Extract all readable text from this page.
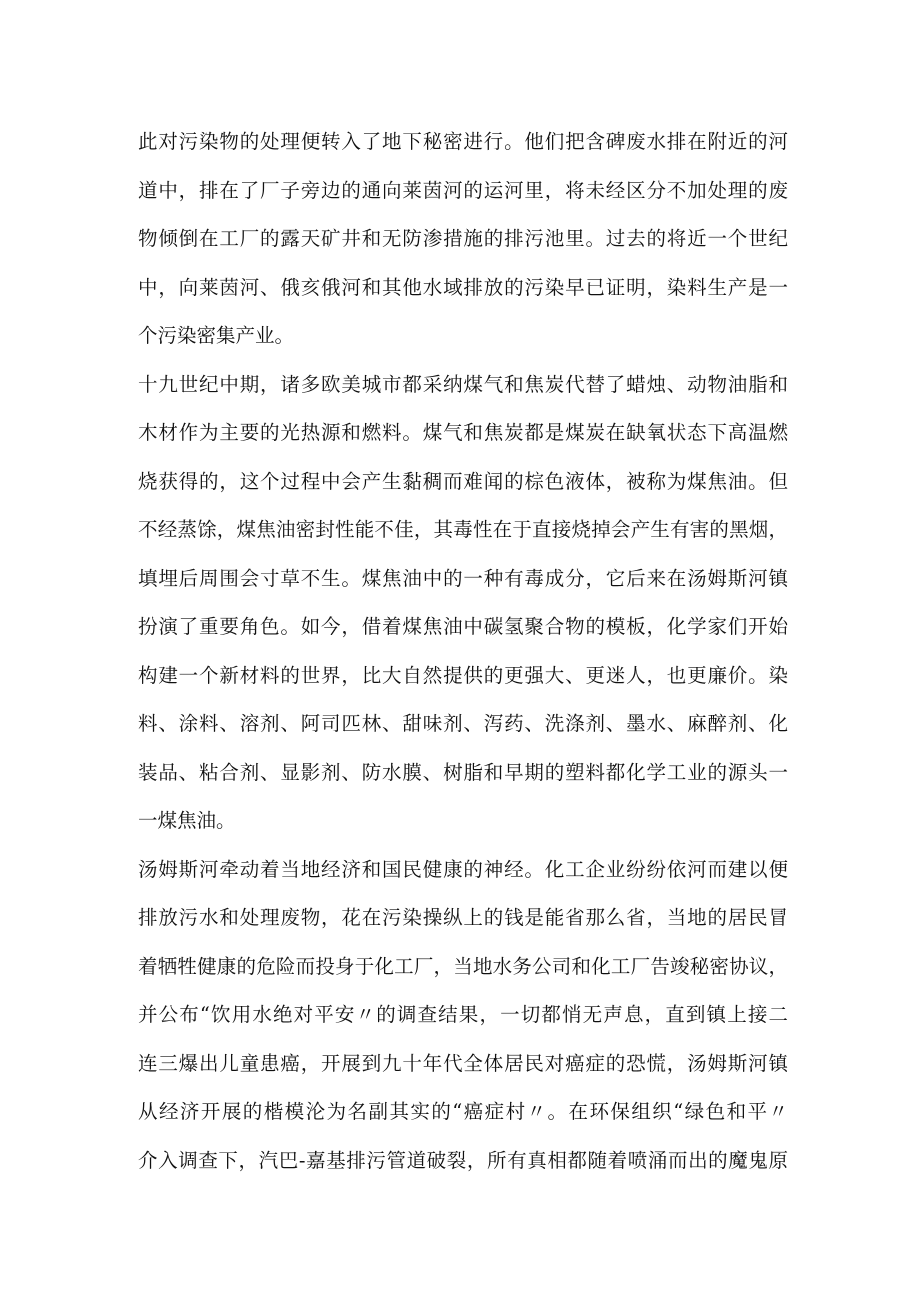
此对污染物的处理便转入了地下秘密进行。他们把含碑废水排在附近的河
道中，排在了厂子旁边的通向莱茵河的运河里，将未经区分不加处理的废
物倾倒在工厂的露天矿井和无防渗措施的排污池里。过去的将近一个世纪
中，向莱茵河、俄亥俄河和其他水域排放的污染早已证明，染料生产是一
个污染密集产业。
十九世纪中期，诸多欧美城市都采纳煤气和焦炭代替了蜡烛、动物油脂和
木材作为主要的光热源和燃料。煤气和焦炭都是煤炭在缺氧状态下高温燃
烧获得的，这个过程中会产生黏稠而难闻的棕色液体，被称为煤焦油。但
不经蒸馀，煤焦油密封性能不佳，其毒性在于直接烧掉会产生有害的黑烟，
填埋后周围会寸草不生。煤焦油中的一种有毒成分，它后来在汤姆斯河镇
扮演了重要角色。如今，借着煤焦油中碳氢聚合物的模板，化学家们开始
构建一个新材料的世界，比大自然提供的更强大、更迷人，也更廉价。染
料、涂料、溶剂、阿司匹林、甜味剂、泻药、洗涤剂、墨水、麻醉剂、化
装品、粘合剂、显影剂、防水膜、树脂和早期的塑料都化学工业的源头一
一煤焦油。
汤姆斯河牵动着当地经济和国民健康的神经。化工企业纷纷依河而建以便
排放污水和处理废物，花在污染操纵上的钱是能省那么省，当地的居民冒
着牺牲健康的危险而投身于化工厂，当地水务公司和化工厂告竣秘密协议，
并公布“饮用水绝对平安〃的调查结果，一切都悄无声息，直到镇上接二
连三爆出儿童患癌，开展到九十年代全体居民对癌症的恐慌，汤姆斯河镇
从经济开展的楷模沦为名副其实的“癌症村〃。在环保组织“绿色和平〃
介入调查下，汽巴-嘉基排污管道破裂，所有真相都随着喷涌而出的魔鬼原
